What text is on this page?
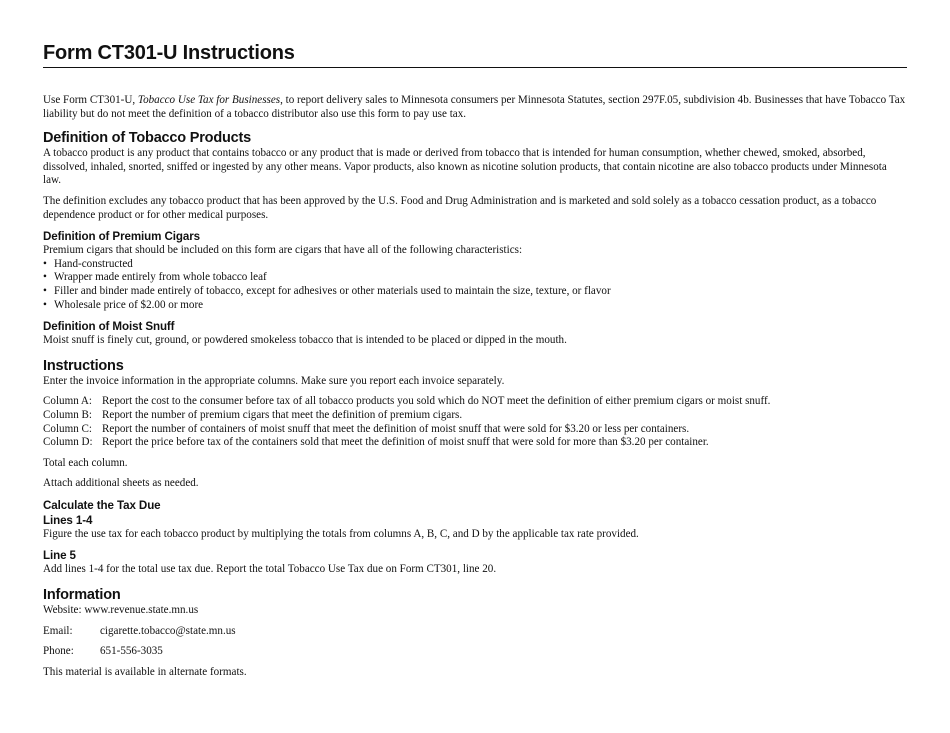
Form CT301-U Instructions

Use Form CT301-U, Tobacco Use Tax for Businesses, to report delivery sales to Minnesota consumers per Minnesota Statutes, section 297F.05, subdivision 4b. Businesses that have Tobacco Tax liability but do not meet the definition of a tobacco distributor also use this form to pay use tax.

Definition of Tobacco Products

A tobacco product is any product that contains tobacco or any product that is made or derived from tobacco that is intended for human consumption, whether chewed, smoked, absorbed, dissolved, inhaled, snorted, sniffed or ingested by any other means. Vapor products, also known as nicotine solution products, that contain nicotine are also tobacco products under Minnesota law.

The definition excludes any tobacco product that has been approved by the U.S. Food and Drug Administration and is marketed and sold solely as a tobacco cessation product, as a tobacco dependence product or for other medical purposes.

Definition of Premium Cigars

Premium cigars that should be included on this form are cigars that have all of the following characteristics:

• Hand-constructed
• Wrapper made entirely from whole tobacco leaf
• Filler and binder made entirely of tobacco, except for adhesives or other materials used to maintain the size, texture, or flavor
• Wholesale price of $2.00 or more
Definition of Moist Snuff

Moist snuff is finely cut, ground, or powdered smokeless tobacco that is intended to be placed or dipped in the mouth.

Instructions

Enter the invoice information in the appropriate columns. Make sure you report each invoice separately.

Column A: Report the cost to the consumer before tax of all tobacco products you sold which do NOT meet the definition of either premium cigars or moist snuff.

Column B: Report the number of premium cigars that meet the definition of premium cigars.

Column C: Report the number of containers of moist snuff that meet the definition of moist snuff that were sold for $3.20 or less per containers.

Column D: Report the price before tax of the containers sold that meet the definition of moist snuff that were sold for more than $3.20 per container.

Total each column.

Attach additional sheets as needed.

Calculate the Tax Due
Lines 1-4

Figure the use tax for each tobacco product by multiplying the totals from columns A, B, C, and D by the applicable tax rate provided.

Line 5

Add lines 1-4 for the total use tax due. Report the total Tobacco Use Tax due on Form CT301, line 20.

Information

Website: www.revenue.state.mn.us

Email: cigarette.tobacco@state.mn.us

Phone: 651-556-3035

This material is available in alternate formats.
